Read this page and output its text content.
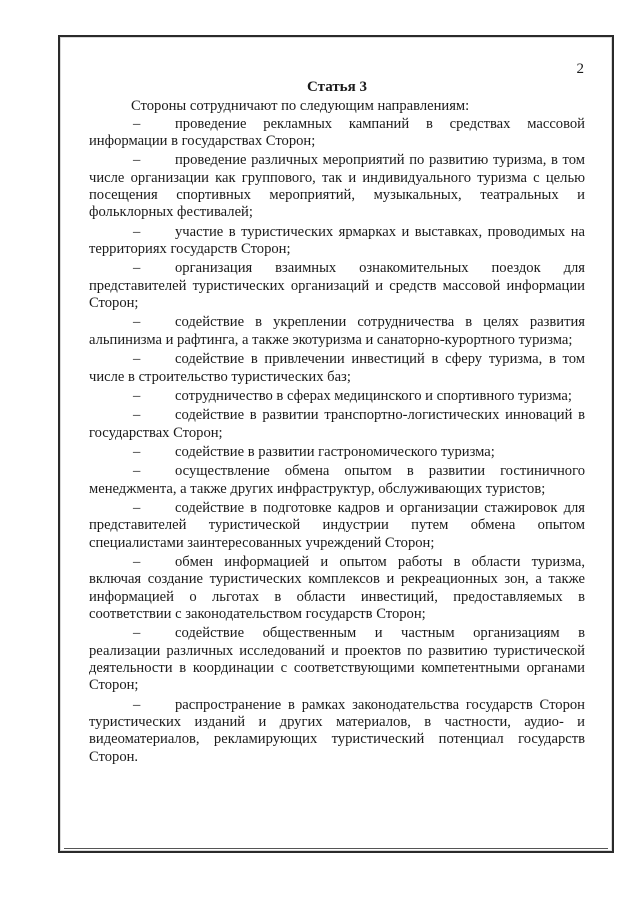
2

Статья 3

Стороны сотрудничают по следующим направлениям:

– проведение рекламных кампаний в средствах массовой информации в государствах Сторон;

– проведение различных мероприятий по развитию туризма, в том числе организации как группового, так и индивидуального туризма с целью посещения спортивных мероприятий, музыкальных, театральных и фольклорных фестивалей;

– участие в туристических ярмарках и выставках, проводимых на территориях государств Сторон;

– организация взаимных ознакомительных поездок для представителей туристических организаций и средств массовой информации Сторон;

– содействие в укреплении сотрудничества в целях развития альпинизма и рафтинга, а также экотуризма и санаторно-курортного туризма;

– содействие в привлечении инвестиций в сферу туризма, в том числе в строительство туристических баз;

– сотрудничество в сферах медицинского и спортивного туризма;

– содействие в развитии транспортно-логистических инноваций в государствах Сторон;

– содействие в развитии гастрономического туризма;

– осуществление обмена опытом в развитии гостиничного менеджмента, а также других инфраструктур, обслуживающих туристов;

– содействие в подготовке кадров и организации стажировок для представителей туристической индустрии путем обмена опытом специалистами заинтересованных учреждений Сторон;

– обмен информацией и опытом работы в области туризма, включая создание туристических комплексов и рекреационных зон, а также информацией о льготах в области инвестиций, предоставляемых в соответствии с законодательством государств Сторон;

– содействие общественным и частным организациям в реализации различных исследований и проектов по развитию туристической деятельности в координации с соответствующими компетентными органами Сторон;

– распространение в рамках законодательства государств Сторон туристических изданий и других материалов, в частности, аудио- и видеоматериалов, рекламирующих туристический потенциал государств Сторон.
